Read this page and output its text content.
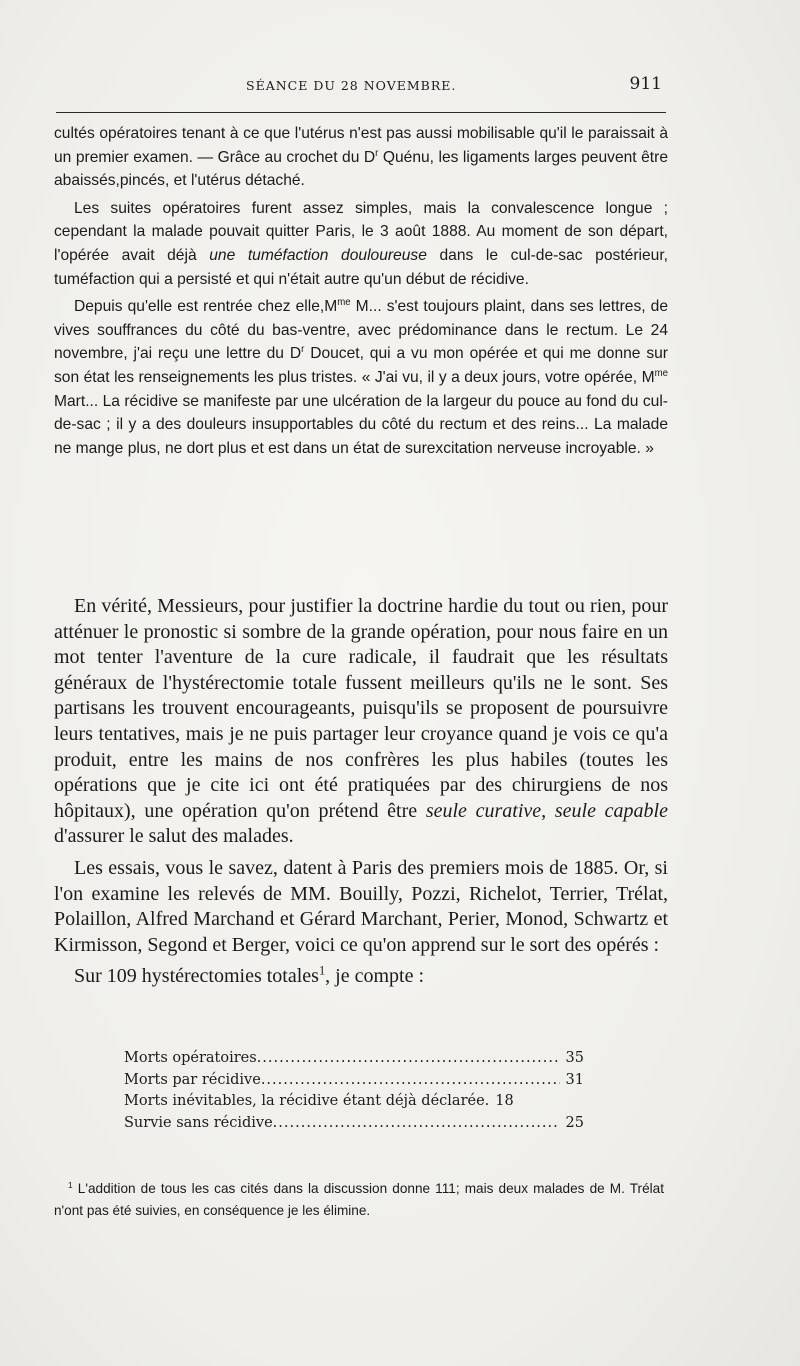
SÉANCE DU 28 NOVEMBRE.	911

cultés opératoires tenant à ce que l'utérus n'est pas aussi mobilisable qu'il le paraissait à un premier examen. — Grâce au crochet du $D^r$ Quénu, les ligaments larges peuvent être abaissés,pincés, et l'utérus détaché.

Les suites opératoires furent assez simples, mais la convalescence longue ; cependant la malade pouvait quitter Paris, le 3 août 1888. Au moment de son départ, l'opérée avait déjà une tuméfaction douloureuse dans le cul-de-sac postérieur, tuméfaction qui a persisté et qui n'était autre qu'un début de récidive.

Depuis qu'elle est rentrée chez $elle,M^{me}$ M... s'est toujours plaint, dans ses lettres, de vives souffrances du côté du bas-ventre, avec prédominance dans le rectum. Le 24 novembre, j'ai reçu une lettre du $D^r$ Doucet, qui a vu mon opérée et qui me donne sur son état les renseignements les plus tristes. « J'ai vu, il y a deux jours, votre opérée, $M^{me}$ Mart... La récidive se manifeste par une ulcération de la largeur du pouce au fond du cul-de-sac ; il y a des douleurs insupportables du côté du rectum et des reins... La malade ne mange plus, ne dort plus et est dans un état de surexcitation nerveuse incroyable. »

En vérité, Messieurs, pour justifier la doctrine hardie du tout ou rien, pour atténuer le pronostic si sombre de la grande opération, pour nous faire en un mot tenter l'aventure de la cure radicale, il faudrait que les résultats généraux de l'hystérectomie totale fussent meilleurs qu'ils ne le sont. Ses partisans les trouvent encourageants, puisqu'ils se proposent de poursuivre leurs tentatives, mais je ne puis partager leur croyance quand je vois ce qu'a produit, entre les mains de nos confrères les plus habiles (toutes les opérations que je cite ici ont été pratiquées par des chirurgiens de nos hôpitaux), une opération qu'on prétend être seule curative, seule capable d'assurer le salut des malades.

Les essais, vous le savez, datent à Paris des premiers mois de 1885. Or, si l'on examine les relevés de MM. Bouilly, Pozzi, Richelot, Terrier, Trélat, Polaillon, Alfred Marchand et Gérard Marchant, Perier, Monod, Schwartz et Kirmisson, Segond et Berger, voici ce qu'on apprend sur le sort des opérés :

Sur 109 hystérectomies totales$^1$, je compte :

Morts opératoires .....	35
Morts par récidive .....	31
Morts inévitables, la récidive étant déjà déclarée. 18
Survie sans récidive .....	25

$^1$ L'addition de tous les cas cités dans la discussion donne 111; mais deux malades de M. Trélat n'ont pas été suivies, en conséquence je les élimine.
